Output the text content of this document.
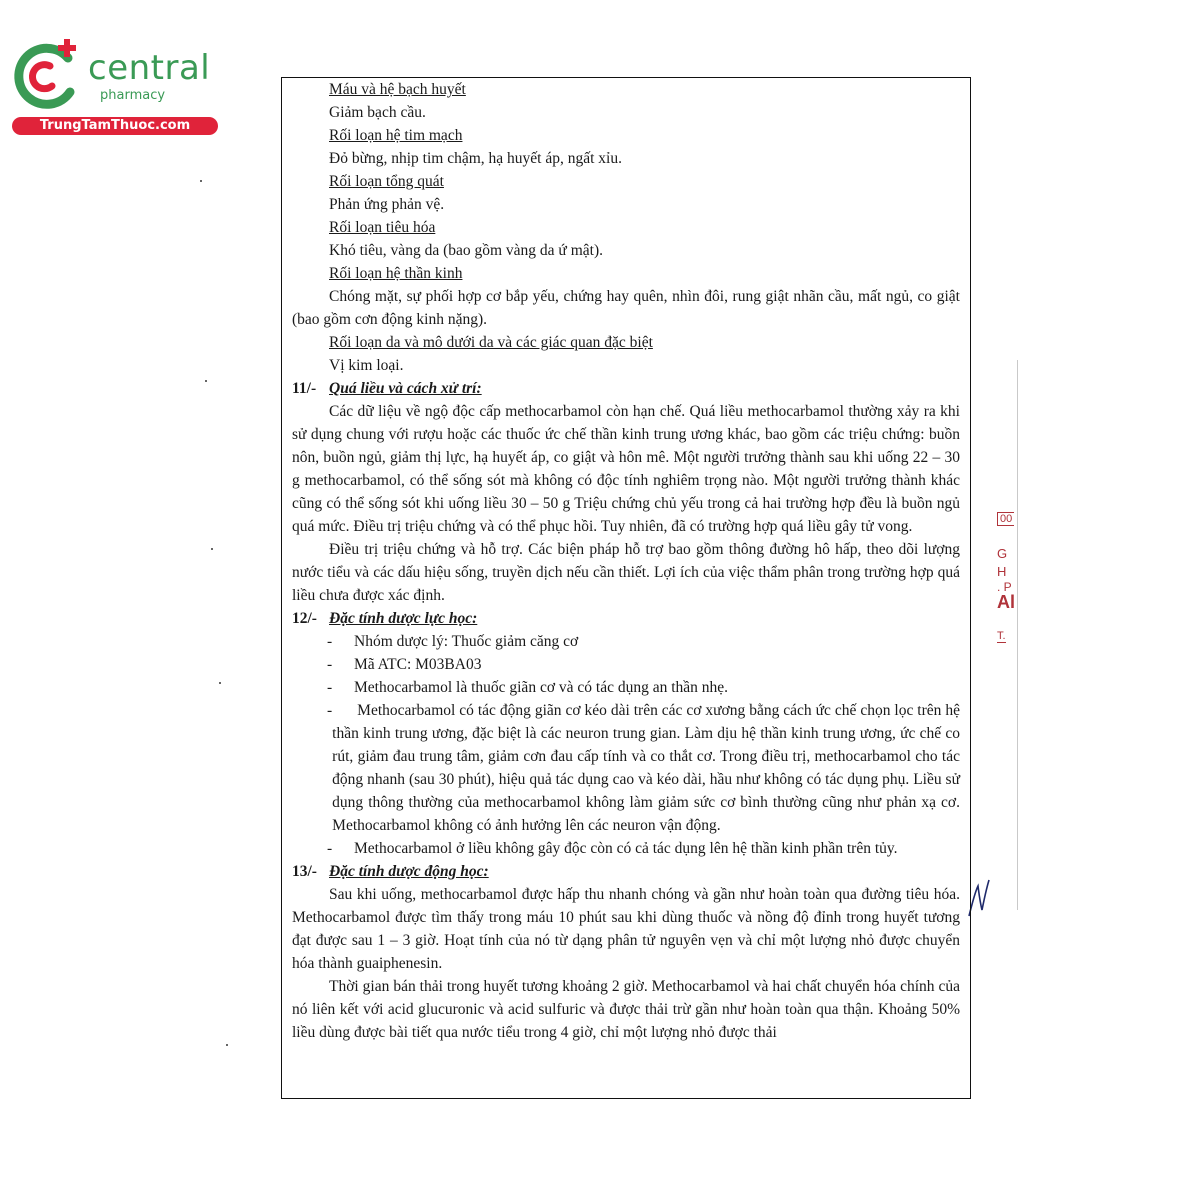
central
pharmacy
TrungTamThuoc.com
00
G
H
. P
Al
T.

Máu và hệ bạch huyết

Giảm bạch cầu.

Rối loạn hệ tim mạch

Đỏ bừng, nhịp tim chậm, hạ huyết áp, ngất xỉu.

Rối loạn tổng quát

Phản ứng phản vệ.

Rối loạn tiêu hóa

Khó tiêu, vàng da (bao gồm vàng da ứ mật).

Rối loạn hệ thần kinh

Chóng mặt, sự phối hợp cơ bắp yếu, chứng hay quên, nhìn đôi, rung giật nhãn cầu, mất ngủ, co giật (bao gồm cơn động kinh nặng).

Rối loạn da và mô dưới da và các giác quan đặc biệt

Vị kim loại.

11/- Quá liều và cách xử trí:

Các dữ liệu về ngộ độc cấp methocarbamol còn hạn chế. Quá liều methocarbamol thường xảy ra khi sử dụng chung với rượu hoặc các thuốc ức chế thần kinh trung ương khác, bao gồm các triệu chứng: buồn nôn, buồn ngủ, giảm thị lực, hạ huyết áp, co giật và hôn mê. Một người trưởng thành sau khi uống 22 – 30 g methocarbamol, có thể sống sót mà không có độc tính nghiêm trọng nào. Một người trưởng thành khác cũng có thể sống sót khi uống liều 30 – 50 g Triệu chứng chủ yếu trong cả hai trường hợp đều là buồn ngủ quá mức. Điều trị triệu chứng và có thể phục hồi. Tuy nhiên, đã có trường hợp quá liều gây tử vong.

Điều trị triệu chứng và hỗ trợ. Các biện pháp hỗ trợ bao gồm thông đường hô hấp, theo dõi lượng nước tiểu và các dấu hiệu sống, truyền dịch nếu cần thiết. Lợi ích của việc thẩm phân trong trường hợp quá liều chưa được xác định.

12/- Đặc tính dược lực học:

-	Nhóm dược lý: Thuốc giảm căng cơ
-	Mã ATC: M03BA03
-	Methocarbamol là thuốc giãn cơ và có tác dụng an thần nhẹ.
-	Methocarbamol có tác động giãn cơ kéo dài trên các cơ xương bằng cách ức chế chọn lọc trên hệ thần kinh trung ương, đặc biệt là các neuron trung gian. Làm dịu hệ thần kinh trung ương, ức chế co rút, giảm đau trung tâm, giảm cơn đau cấp tính và co thắt cơ. Trong điều trị, methocarbamol cho tác động nhanh (sau 30 phút), hiệu quả tác dụng cao và kéo dài, hầu như không có tác dụng phụ. Liều sử dụng thông thường của methocarbamol không làm giảm sức cơ bình thường cũng như phản xạ cơ. Methocarbamol không có ảnh hưởng lên các neuron vận động.
-	Methocarbamol ở liều không gây độc còn có cả tác dụng lên hệ thần kinh phần trên tủy.

13/- Đặc tính dược động học:

Sau khi uống, methocarbamol được hấp thu nhanh chóng và gần như hoàn toàn qua đường tiêu hóa. Methocarbamol được tìm thấy trong máu 10 phút sau khi dùng thuốc và nồng độ đỉnh trong huyết tương đạt được sau 1 – 3 giờ. Hoạt tính của nó từ dạng phân tử nguyên vẹn và chỉ một lượng nhỏ được chuyển hóa thành guaiphenesin.

Thời gian bán thải trong huyết tương khoảng 2 giờ. Methocarbamol và hai chất chuyển hóa chính của nó liên kết với acid glucuronic và acid sulfuric và được thải trừ gần như hoàn toàn qua thận. Khoảng 50% liều dùng được bài tiết qua nước tiểu trong 4 giờ, chỉ một lượng nhỏ được thải
